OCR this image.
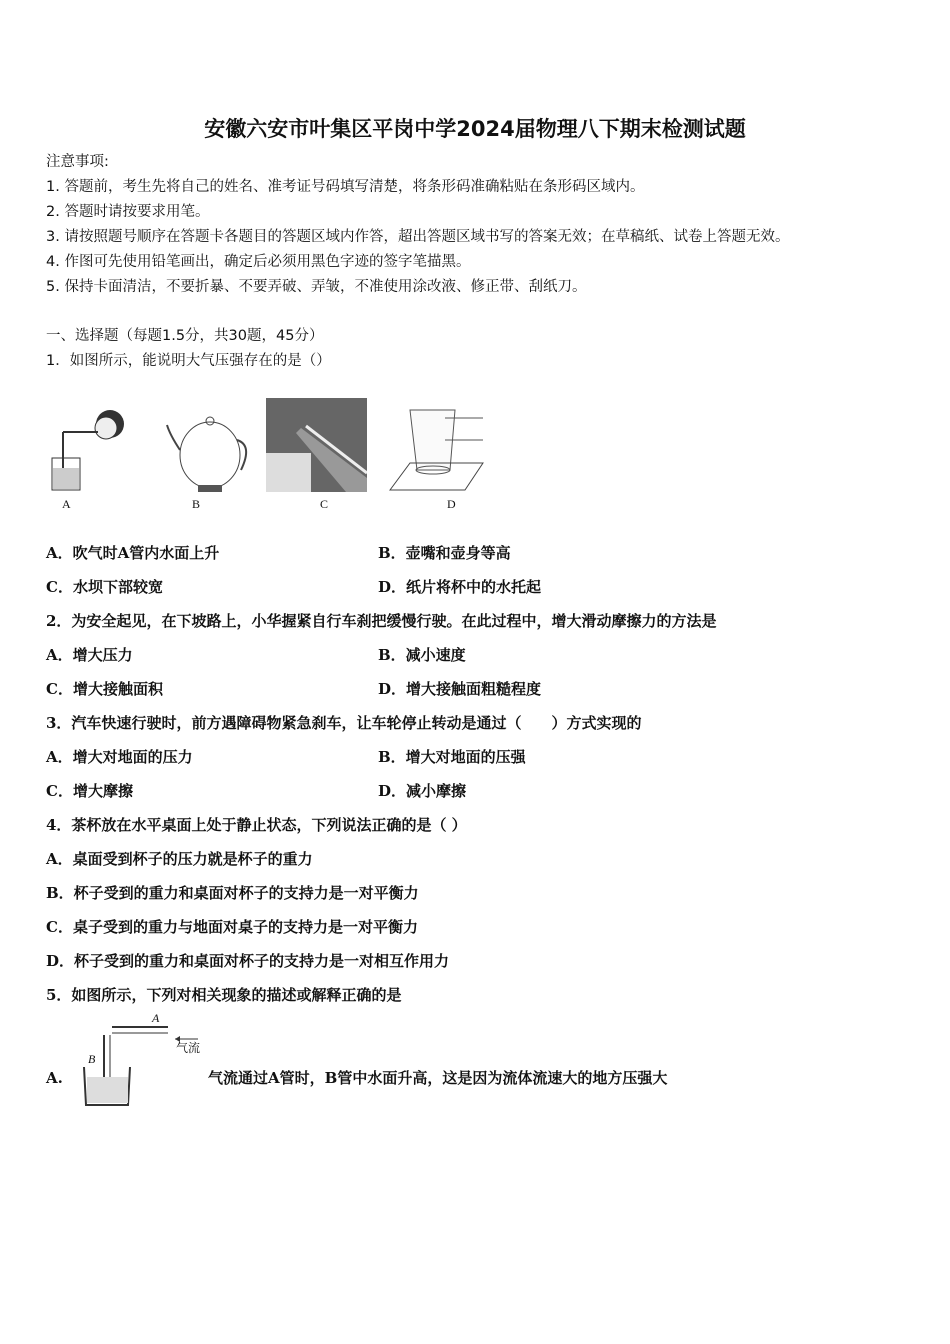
安徽六安市叶集区平岗中学2024届物理八下期末检测试题
注意事项:
1. 答题前，考生先将自己的姓名、准考证号码填写清楚，将条形码准确粘贴在条形码区域内。
2. 答题时请按要求用笔。
3. 请按照题号顺序在答题卡各题目的答题区域内作答，超出答题区域书写的答案无效；在草稿纸、试卷上答题无效。
4. 作图可先使用铅笔画出，确定后必须用黑色字迹的签字笔描黑。
5. 保持卡面清洁，不要折暴、不要弄破、弄皱，不准使用涂改液、修正带、刮纸刀。
一、选择题（每题1.5分，共30题，45分）
1．如图所示，能说明大气压强存在的是（）
A	B	C	D
A．吹气时A管内水面上升	B．壶嘴和壶身等高
C．水坝下部较宽	D．纸片将杯中的水托起
2．为安全起见，在下坡路上，小华握紧自行车刹把缓慢行驶。在此过程中，增大滑动摩擦力的方法是
A．增大压力	B．减小速度
C．增大接触面积	D．增大接触面粗糙程度
3．汽车快速行驶时，前方遇障碍物紧急刹车，让车轮停止转动是通过（　　）方式实现的
A．增大对地面的压力	B．增大对地面的压强
C．增大摩擦	D．减小摩擦
4．茶杯放在水平桌面上处于静止状态，下列说法正确的是（ ）
A．桌面受到杯子的压力就是杯子的重力
B．杯子受到的重力和桌面对杯子的支持力是一对平衡力
C．桌子受到的重力与地面对桌子的支持力是一对平衡力
D．杯子受到的重力和桌面对杯子的支持力是一对相互作用力
5．如图所示，下列对相关现象的描述或解释正确的是
A
B
气流
A.	气流通过A管时，B管中水面升高，这是因为流体流速大的地方压强大
